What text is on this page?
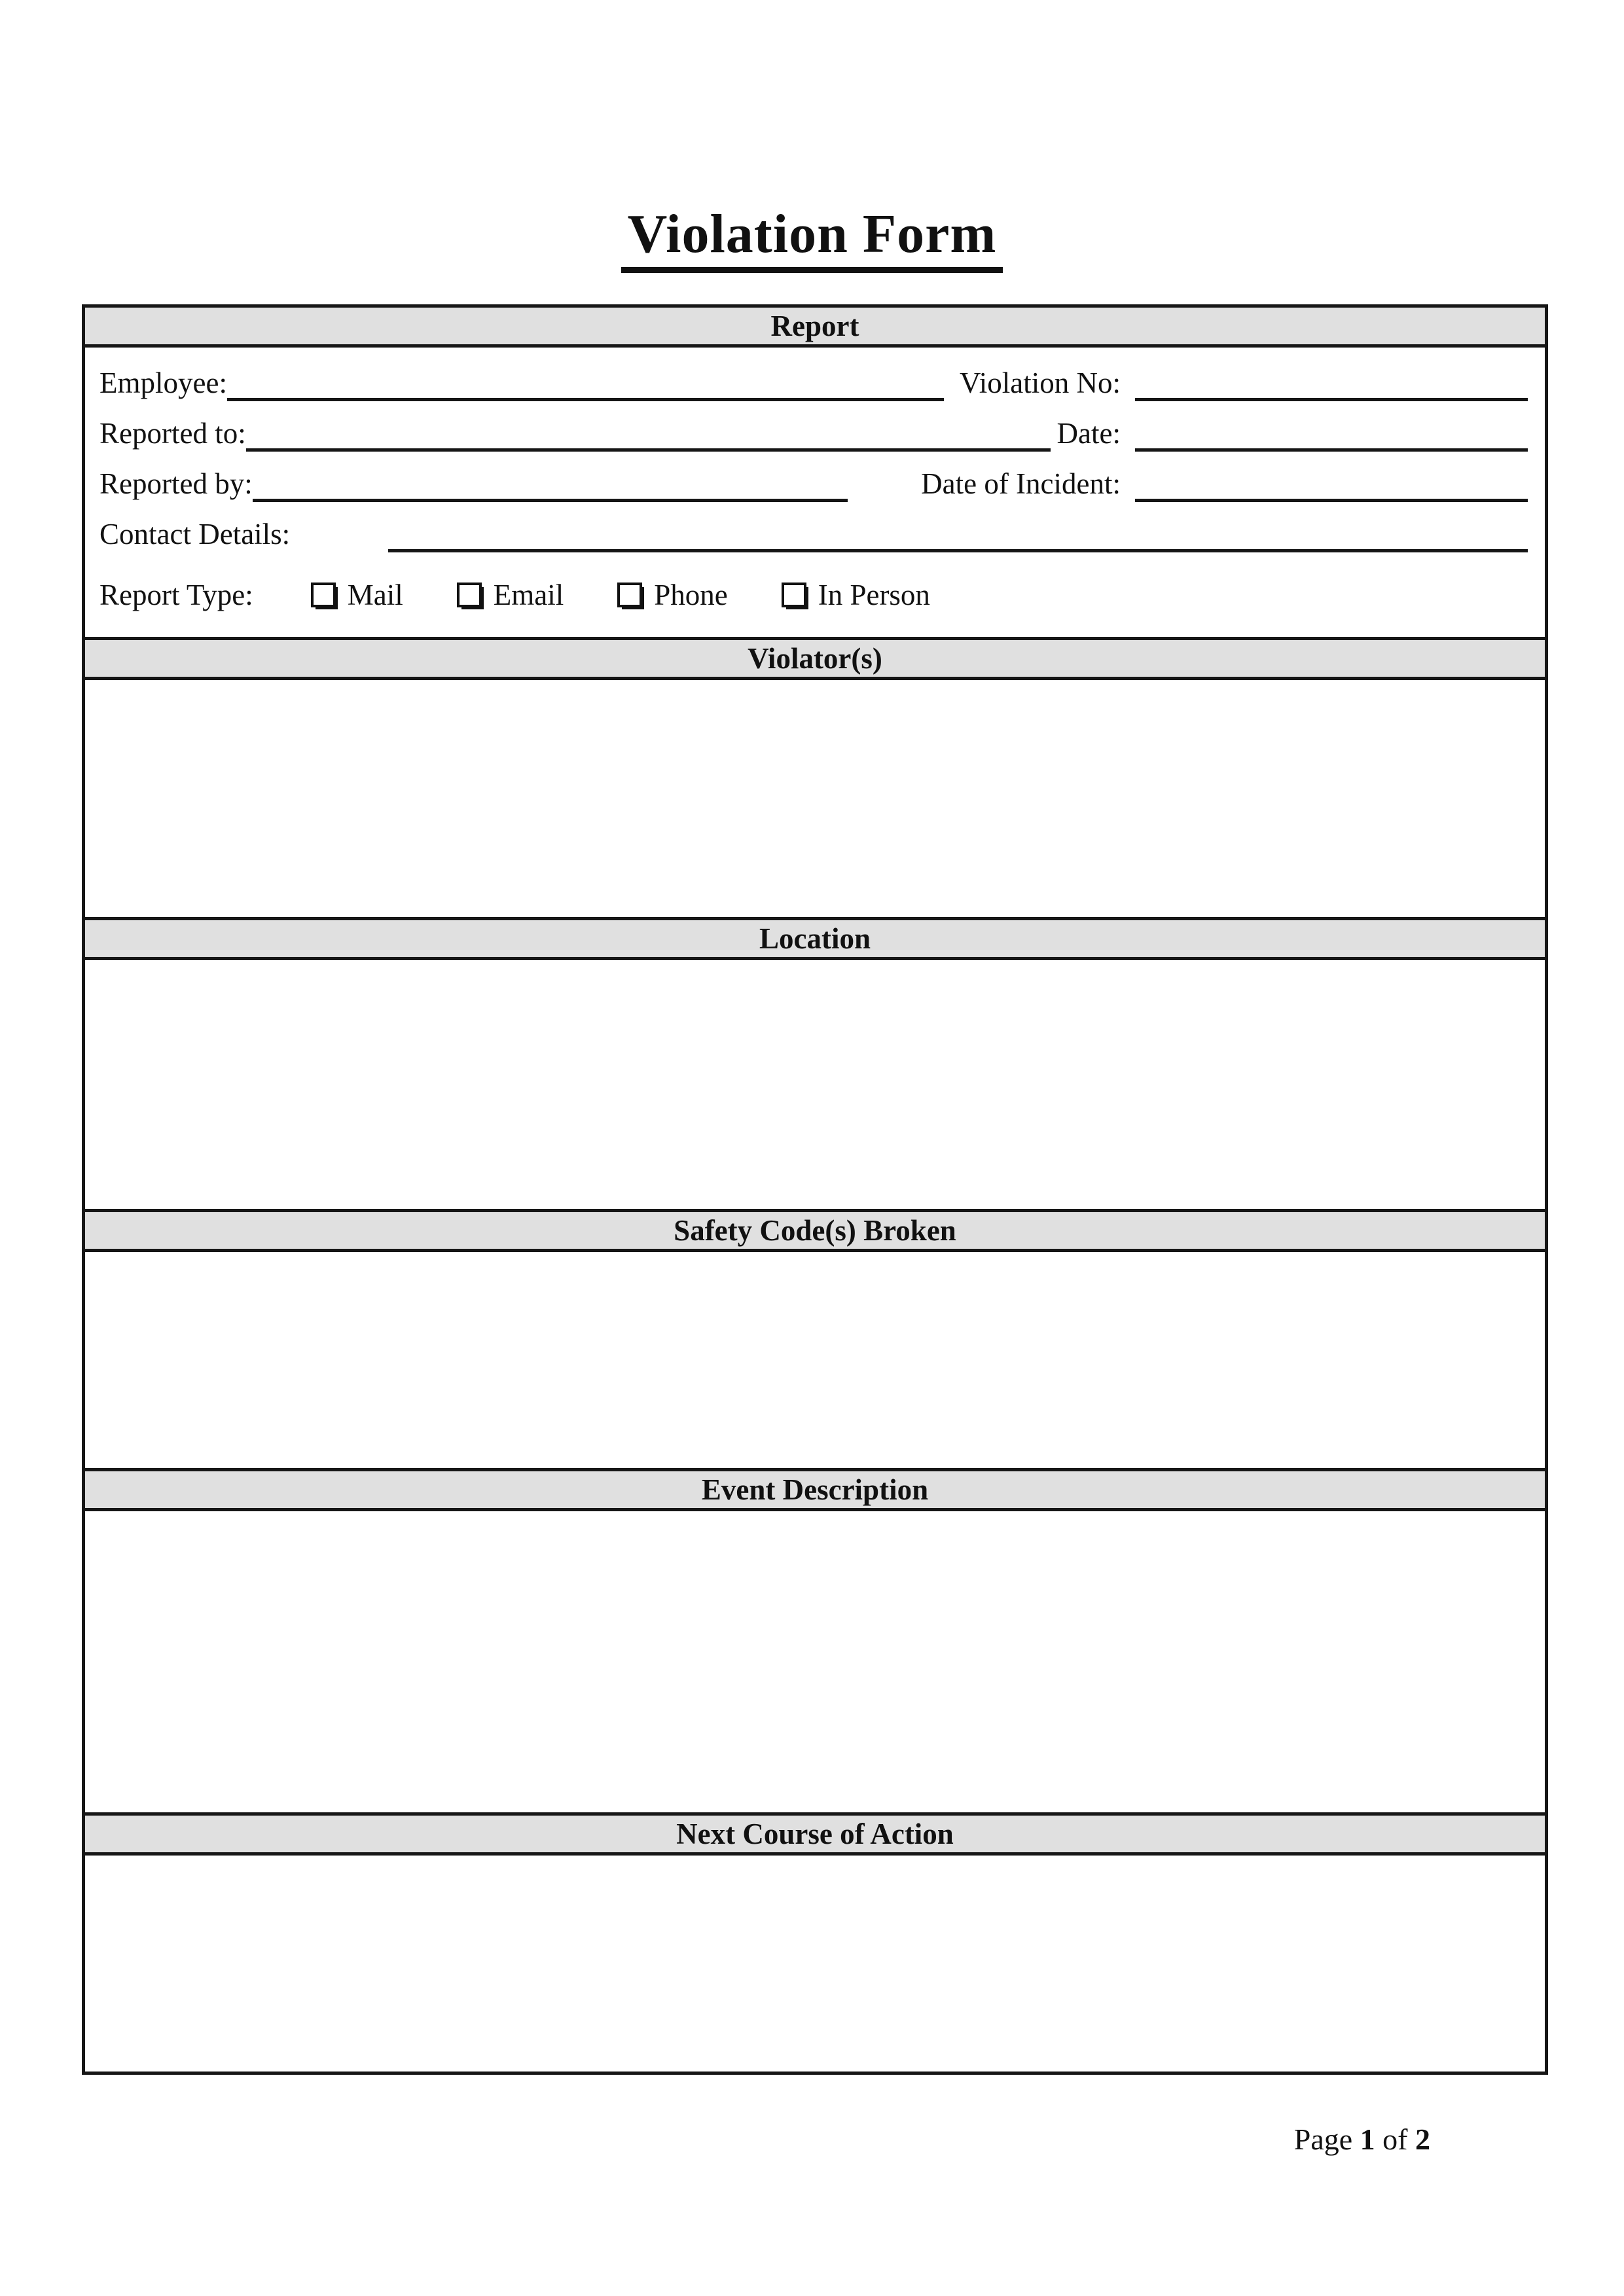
Violation Form
Report
Employee:	Violation No:
Reported to:	Date:
Reported by:	Date of Incident:
Contact Details:
Report Type:	Mail	Email	Phone	In Person
Violator(s)
Location
Safety Code(s) Broken
Event Description
Next Course of Action
Page 1 of 2
